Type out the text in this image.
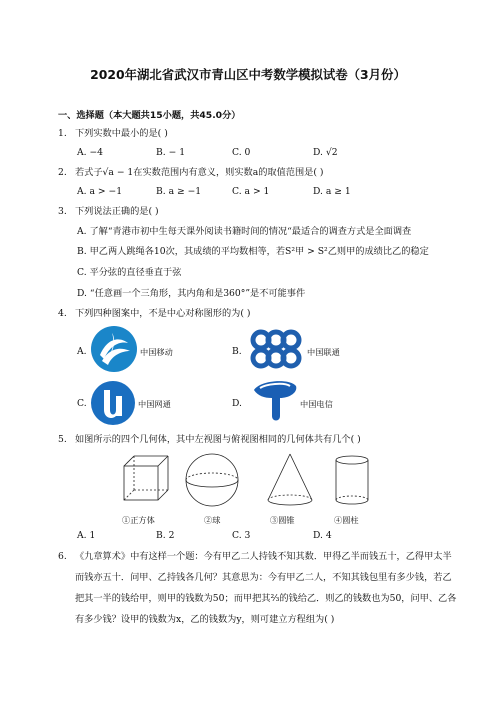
2020年湖北省武汉市青山区中考数学模拟试卷（3月份）
一、选择题（本大题共15小题，共45.0分）
1. 下列实数中最小的是( )
A. −4	B. − 1	C. 0	D. √2
2. 若式子√a − 1在实数范围内有意义，则实数a的取值范围是( )
A. a > −1	B. a ≥ −1	C. a > 1	D. a ≥ 1
3. 下列说法正确的是( )
A. 了解“青港市初中生每天课外阅读书籍时间的情况“最适合的调查方式是全面调查
B. 甲乙两人跳绳各10次，其成绩的平均数相等，若S²甲 > S²乙则甲的成绩比乙的稳定
C. 平分弦的直径垂直于弦
D. “任意画一个三角形，其内角和是360°”是不可能事件
4. 下列四种图案中，不是中心对称图形的为( )
A.	中国移动	B.	中国联通
C.	中国网通	D.	中国电信
5. 如图所示的四个几何体，其中左视图与俯视图相同的几何体共有几个( )
①正方体	②球	③圆锥	④圆柱
A. 1	B. 2	C. 3	D. 4
6. 《九章算术》中有这样一个题：今有甲乙二人持钱不知其数．甲得乙半而钱五十，乙得甲太半
而钱亦五十．问甲、乙持钱各几何？其意思为：今有甲乙二人，不知其钱包里有多少钱，若乙
把其一半的钱给甲，则甲的钱数为50；而甲把其⅔的钱给乙．则乙的钱数也为50，问甲、乙各
有多少钱？设甲的钱数为x，乙的钱数为y，则可建立方程组为( )
